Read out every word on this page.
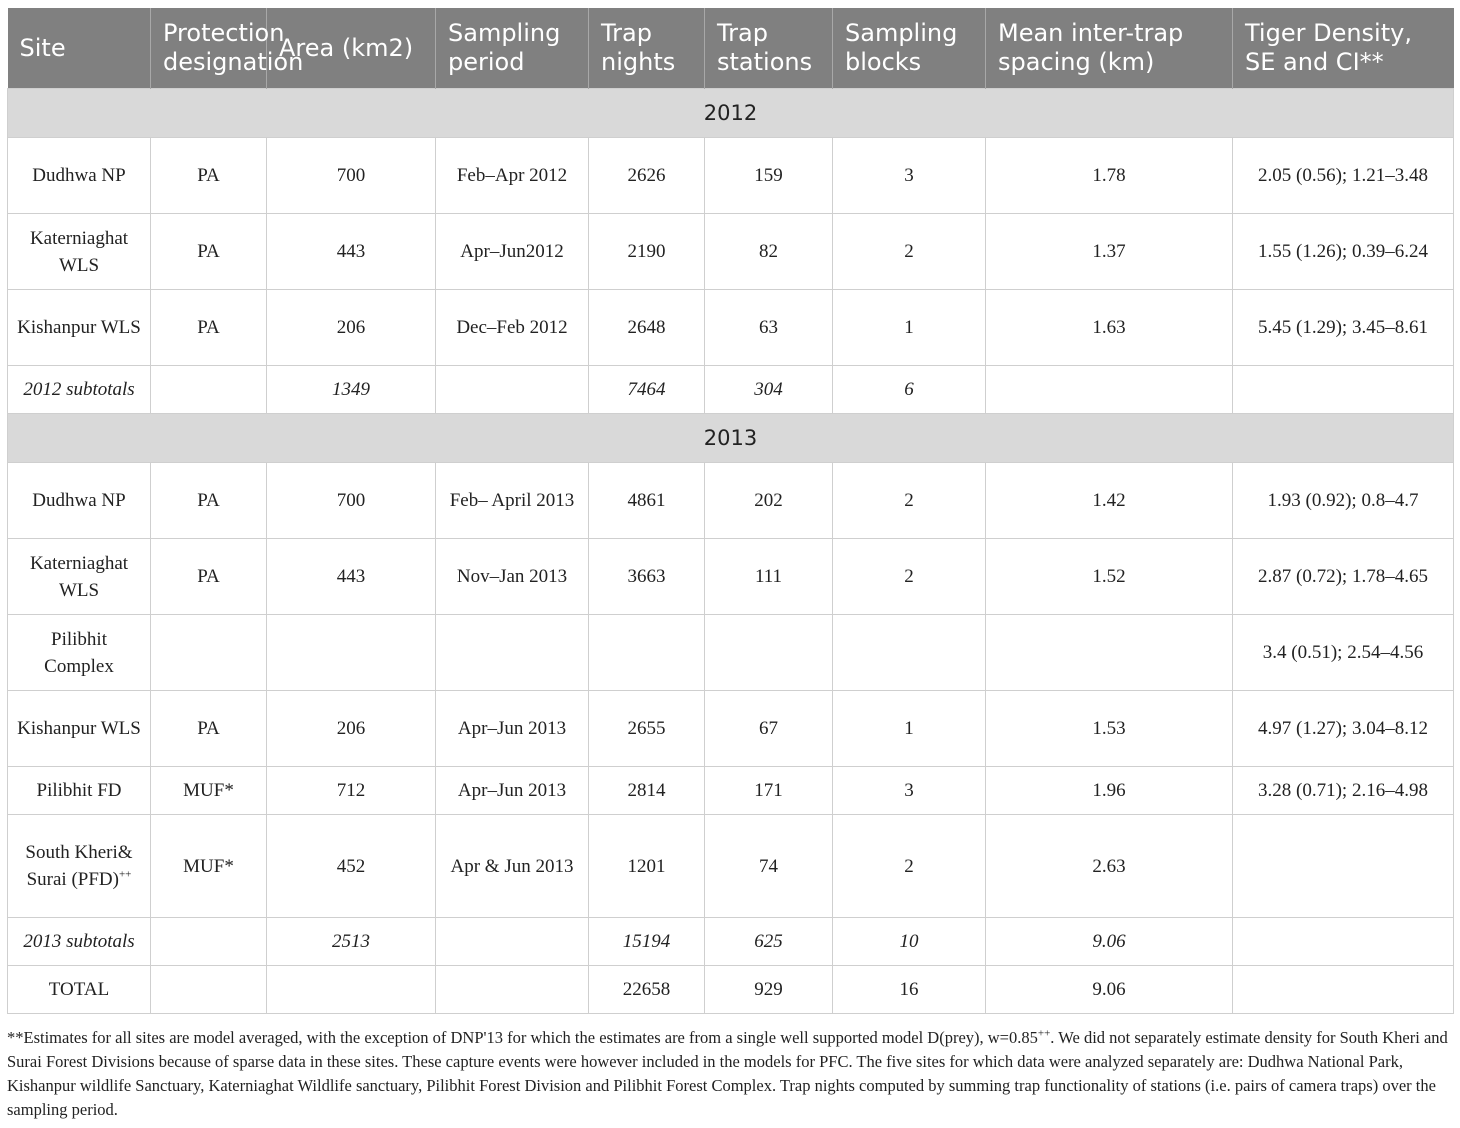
Site	Protection designation	Area (km2)	Sampling period	Trap nights	Trap stations	Sampling blocks	Mean inter-trap spacing (km)	Tiger Density, SE and CI**
2012								
Dudhwa NP	PA	700	Feb–Apr 2012	2626	159	3	1.78	2.05 (0.56); 1.21–3.48
Katerniaghat WLS	PA	443	Apr–Jun2012	2190	82	2	1.37	1.55 (1.26); 0.39–6.24
Kishanpur WLS	PA	206	Dec–Feb 2012	2648	63	1	1.63	5.45 (1.29); 3.45–8.61
2012 subtotals		1349		7464	304	6		
2013								
Dudhwa NP	PA	700	Feb– April 2013	4861	202	2	1.42	1.93 (0.92); 0.8–4.7
Katerniaghat WLS	PA	443	Nov–Jan 2013	3663	111	2	1.52	2.87 (0.72); 1.78–4.65
Pilibhit Complex								3.4 (0.51); 2.54–4.56
Kishanpur WLS	PA	206	Apr–Jun 2013	2655	67	1	1.53	4.97 (1.27); 3.04–8.12
Pilibhit FD	MUF*	712	Apr–Jun 2013	2814	171	3	1.96	3.28 (0.71); 2.16–4.98
South Kheri& Surai (PFD)++	MUF*	452	Apr & Jun 2013	1201	74	2	2.63	
2013 subtotals		2513		15194	625	10	9.06	
TOTAL				22658	929	16	9.06	
**Estimates for all sites are model averaged, with the exception of DNP'13 for which the estimates are from a single well supported model D(prey), w=0.85++. We did not separately estimate density for South Kheri and Surai Forest Divisions because of sparse data in these sites. These capture events were however included in the models for PFC. The five sites for which data were analyzed separately are: Dudhwa National Park, Kishanpur wildlife Sanctuary, Katerniaghat Wildlife sanctuary, Pilibhit Forest Division and Pilibhit Forest Complex. Trap nights computed by summing trap functionality of stations (i.e. pairs of camera traps) over the sampling period.
